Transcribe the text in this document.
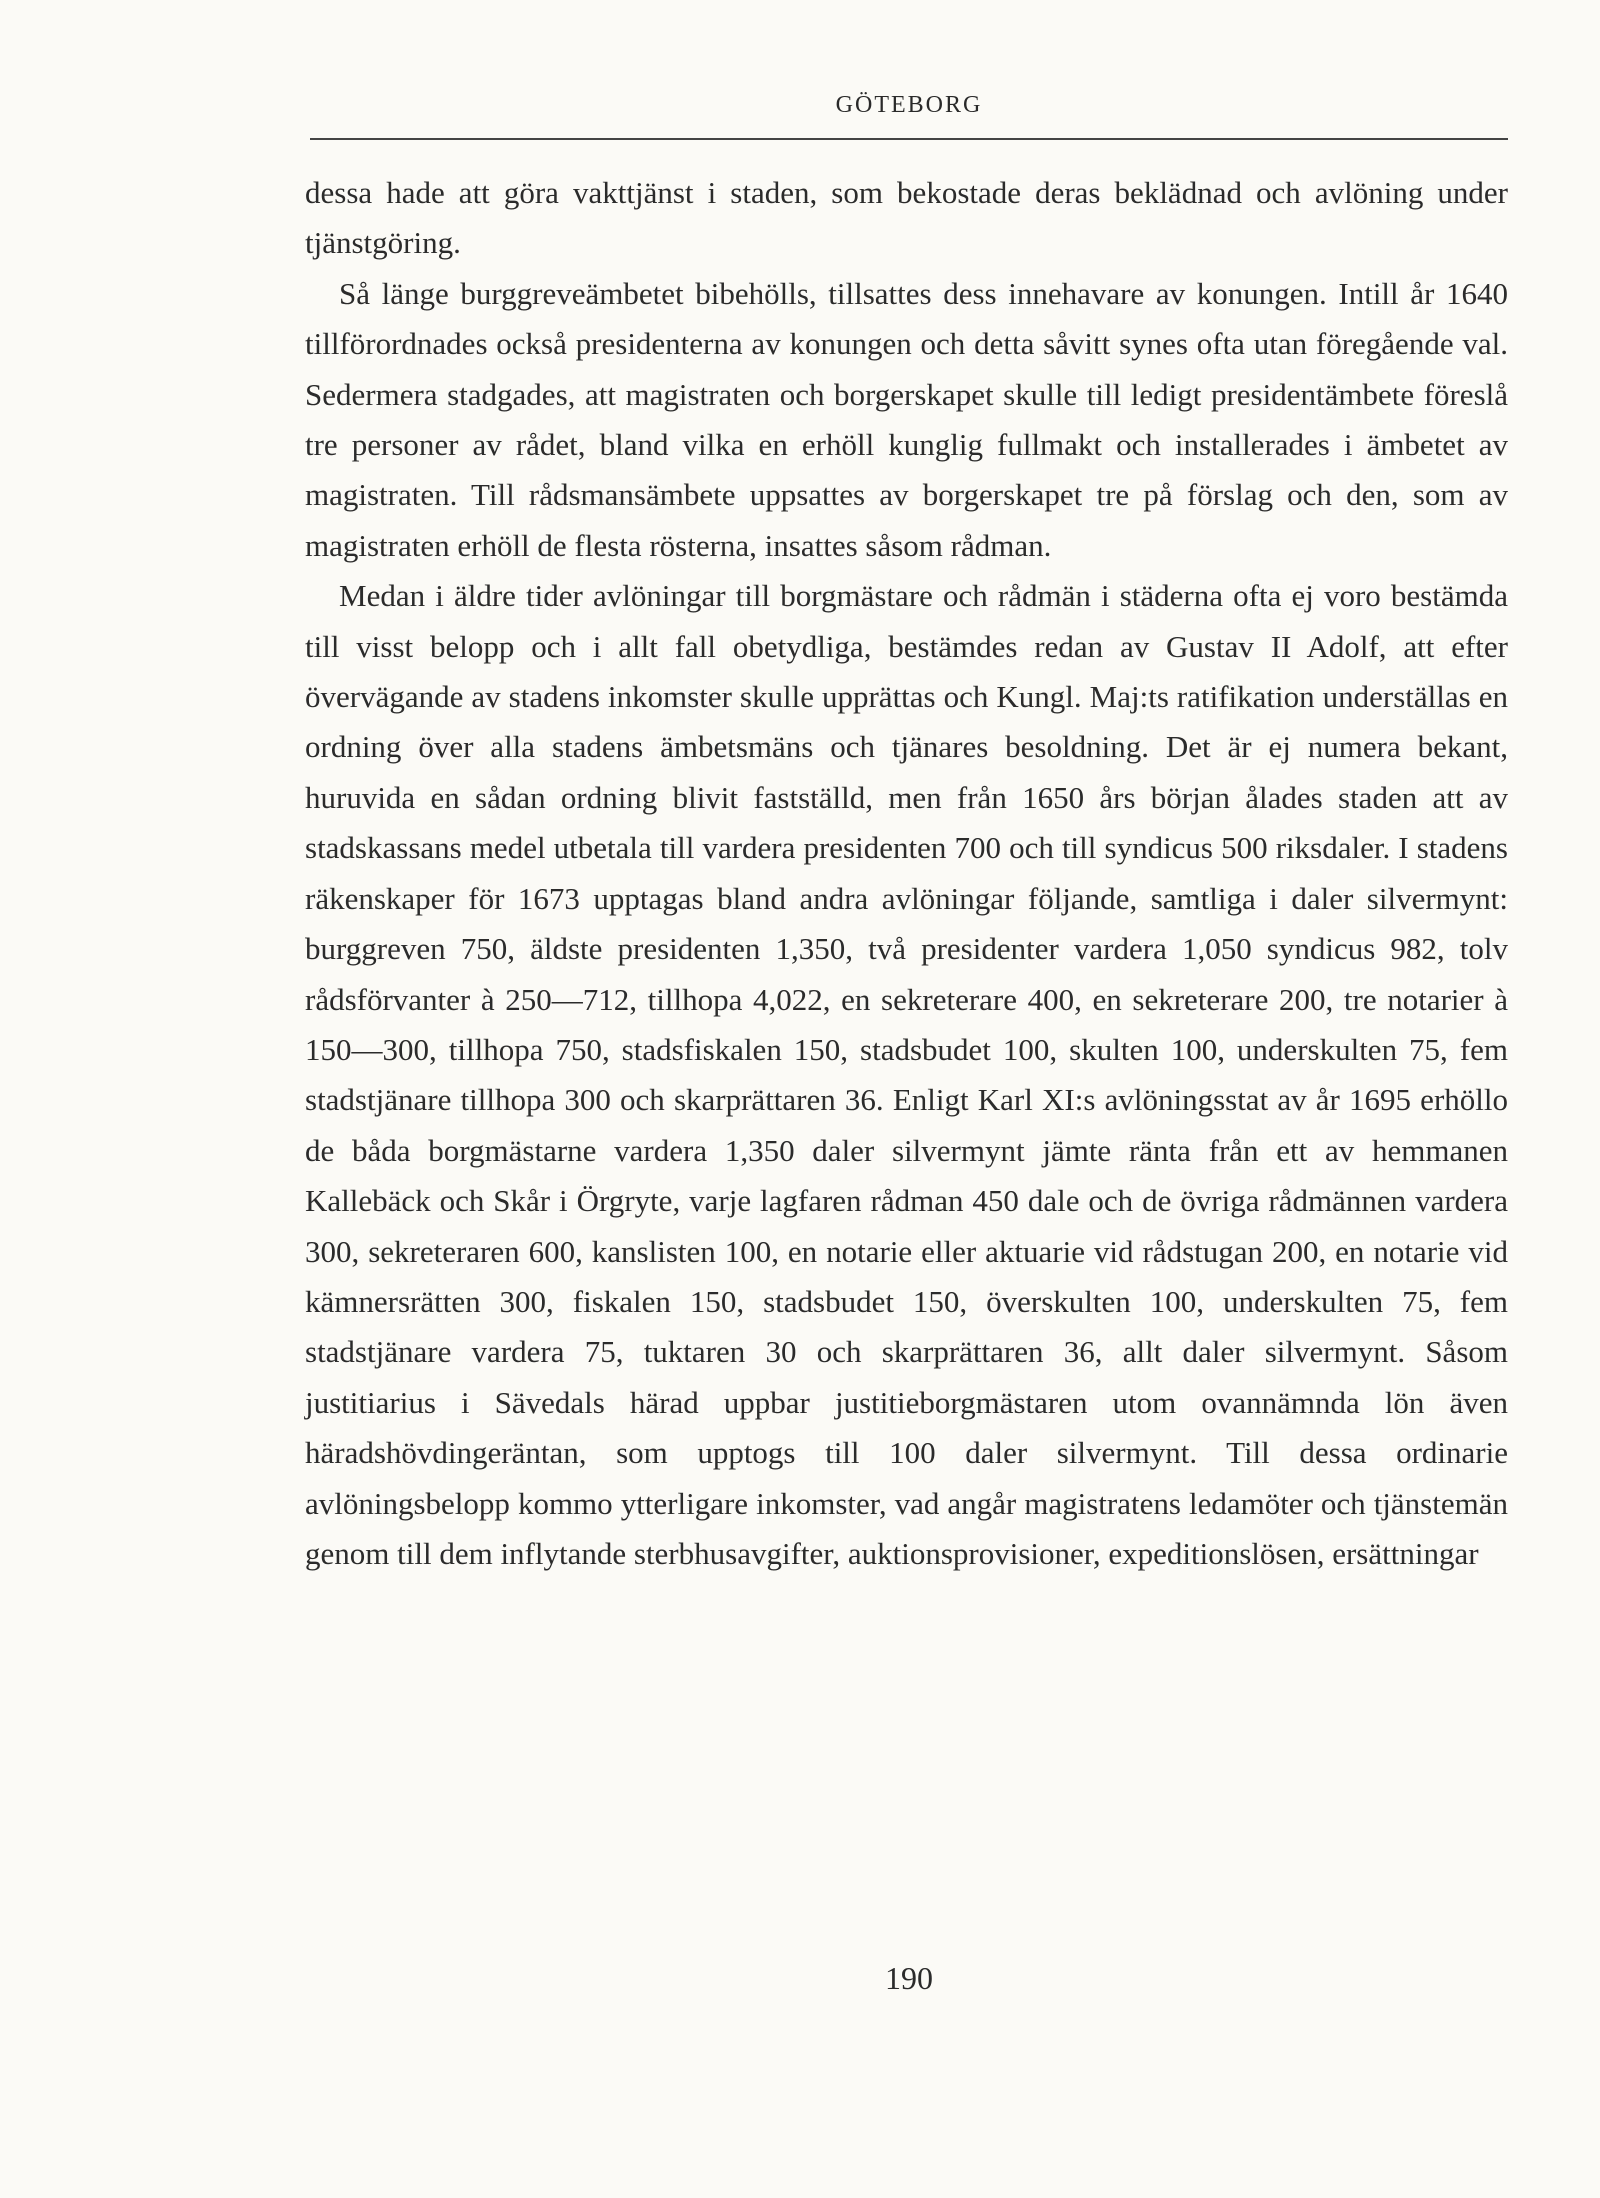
GÖTEBORG

dessa hade att göra vakttjänst i staden, som bekostade deras beklädnad och avlöning under tjänstgöring.

Så länge burggreveämbetet bibehölls, tillsattes dess innehavare av konungen. Intill år 1640 tillförordnades också presidenterna av konungen och detta såvitt synes ofta utan föregående val. Sedermera stadgades, att magistraten och borgerskapet skulle till ledigt presidentämbete föreslå tre personer av rådet, bland vilka en erhöll kunglig fullmakt och installerades i ämbetet av magistraten. Till rådsmansämbete uppsattes av borgerskapet tre på förslag och den, som av magistraten erhöll de flesta rösterna, insattes såsom rådman.

Medan i äldre tider avlöningar till borgmästare och rådmän i städerna ofta ej voro bestämda till visst belopp och i allt fall obetydliga, bestämdes redan av Gustav II Adolf, att efter övervägande av stadens inkomster skulle upprättas och Kungl. Maj:ts ratifikation underställas en ordning över alla stadens ämbetsmäns och tjänares besoldning. Det är ej numera bekant, huruvida en sådan ordning blivit fastställd, men från 1650 års början ålades staden att av stadskassans medel utbetala till vardera presidenten 700 och till syndicus 500 riksdaler. I stadens räkenskaper för 1673 upptagas bland andra avlöningar följande, samtliga i daler silvermynt: burggreven 750, äldste presidenten 1,350, två presidenter vardera 1,050 syndicus 982, tolv rådsförvanter à 250—712, tillhopa 4,022, en sekreterare 400, en sekreterare 200, tre notarier à 150—300, tillhopa 750, stadsfiskalen 150, stadsbudet 100, skulten 100, underskulten 75, fem stadstjänare tillhopa 300 och skarprättaren 36. Enligt Karl XI:s avlöningsstat av år 1695 erhöllo de båda borgmästarne vardera 1,350 daler silvermynt jämte ränta från ett av hemmanen Kallebäck och Skår i Örgryte, varje lagfaren rådman 450 dale och de övriga rådmännen vardera 300, sekreteraren 600, kanslisten 100, en notarie eller aktuarie vid rådstugan 200, en notarie vid kämnersrätten 300, fiskalen 150, stadsbudet 150, överskulten 100, underskulten 75, fem stadstjänare vardera 75, tuktaren 30 och skarprättaren 36, allt daler silvermynt. Såsom justitiarius i Sävedals härad uppbar justitieborgmästaren utom ovannämnda lön även häradshövdingeräntan, som upptogs till 100 daler silvermynt. Till dessa ordinarie avlöningsbelopp kommo ytterligare inkomster, vad angår magistratens ledamöter och tjänstemän genom till dem inflytande sterbhusavgifter, auktionsprovisioner, expeditionslösen, ersättningar

190
